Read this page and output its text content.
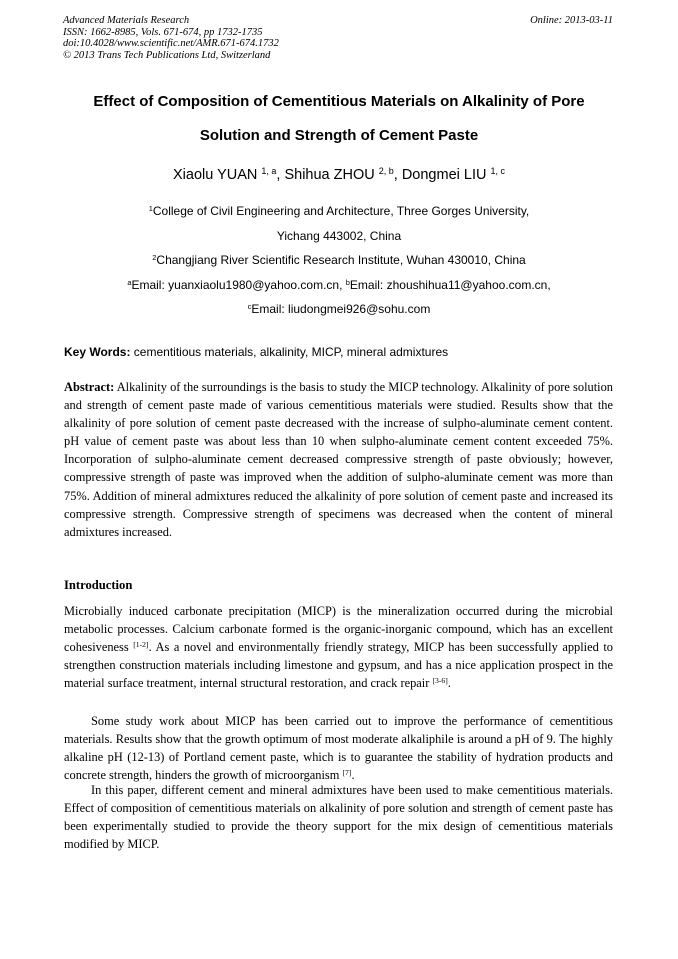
Advanced Materials Research
ISSN: 1662-8985, Vols. 671-674, pp 1732-1735
doi:10.4028/www.scientific.net/AMR.671-674.1732
© 2013 Trans Tech Publications Ltd, Switzerland
Online: 2013-03-11
Effect of Composition of Cementitious Materials on Alkalinity of Pore
Solution and Strength of Cement Paste
Xiaolu YUAN $^{1, a}$, Shihua ZHOU $^{2, b}$, Dongmei LIU $^{1, c}$
$^1$College of Civil Engineering and Architecture, Three Gorges University,
Yichang 443002, China
$^2$Changjiang River Scientific Research Institute, Wuhan 430010, China
$^a$Email: yuanxiaolu1980@yahoo.com.cn, $^b$Email: zhoushihua11@yahoo.com.cn,
$^c$Email: liudongmei926@sohu.com
Key Words: cementitious materials, alkalinity, MICP, mineral admixtures
Abstract: Alkalinity of the surroundings is the basis to study the MICP technology. Alkalinity of pore solution and strength of cement paste made of various cementitious materials were studied. Results show that the alkalinity of pore solution of cement paste decreased with the increase of sulpho-aluminate cement content. pH value of cement paste was about less than 10 when sulpho-aluminate cement content exceeded 75%. Incorporation of sulpho-aluminate cement decreased compressive strength of paste obviously; however, compressive strength of paste was improved when the addition of sulpho-aluminate cement was more than 75%. Addition of mineral admixtures reduced the alkalinity of pore solution of cement paste and increased its compressive strength. Compressive strength of specimens was decreased when the content of mineral admixtures increased.
Introduction
Microbially induced carbonate precipitation (MICP) is the mineralization occurred during the microbial metabolic processes. Calcium carbonate formed is the organic-inorganic compound, which has an excellent cohesiveness [1-2]. As a novel and environmentally friendly strategy, MICP has been successfully applied to strengthen construction materials including limestone and gypsum, and has a nice application prospect in the material surface treatment, internal structural restoration, and crack repair [3-6].
Some study work about MICP has been carried out to improve the performance of cementitious materials. Results show that the growth optimum of most moderate alkaliphile is around a pH of 9. The highly alkaline pH (12-13) of Portland cement paste, which is to guarantee the stability of hydration products and concrete strength, hinders the growth of microorganism [7].
In this paper, different cement and mineral admixtures have been used to make cementitious materials. Effect of composition of cementitious materials on alkalinity of pore solution and strength of cement paste has been experimentally studied to provide the theory support for the mix design of cementitious materials modified by MICP.
